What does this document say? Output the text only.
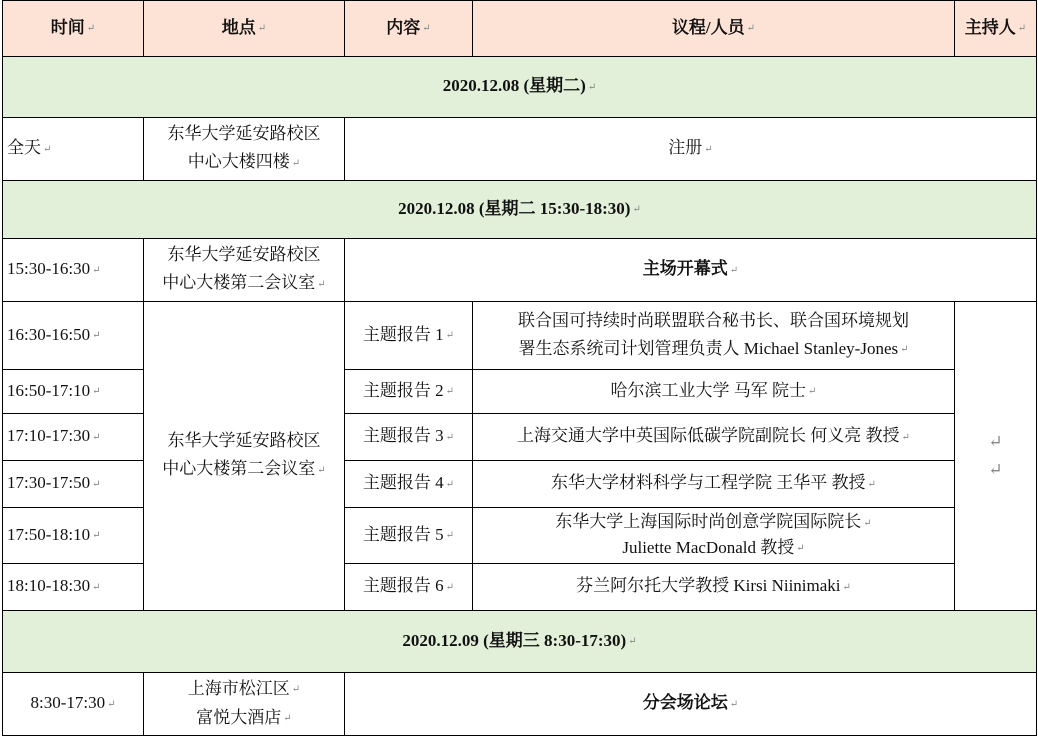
时间 ↵	地点 ↵	内容 ↵	议程/人员 ↵	主持人 ↵
2020.12.08 (星期二) ↵
全天 ↵	东华大学延安路校区
中心大楼四楼 ↵	注册 ↵
2020.12.08 (星期二 15:30-18:30) ↵
15:30-16:30 ↵	东华大学延安路校区
中心大楼第二会议室 ↵	主场开幕式 ↵
16:30-16:50 ↵	东华大学延安路校区
中心大楼第二会议室 ↵	主题报告 1 ↵	联合国可持续时尚联盟联合秘书长、联合国环境规划
署生态系统司计划管理负责人 Michael Stanley-Jones ↵	↵
↵
16:50-17:10 ↵		主题报告 2 ↵	哈尔滨工业大学 马军 院士 ↵
17:10-17:30 ↵		主题报告 3 ↵	上海交通大学中英国际低碳学院副院长 何义亮 教授 ↵
17:30-17:50 ↵		主题报告 4 ↵	东华大学材料科学与工程学院 王华平 教授 ↵
17:50-18:10 ↵		主题报告 5 ↵	东华大学上海国际时尚创意学院国际院长 ↵
Juliette MacDonald 教授 ↵

18:10-18:30 ↵		主题报告 6 ↵	芬兰阿尔托大学教授 Kirsi Niinimaki ↵
2020.12.09 (星期三 8:30-17:30) ↵
8:30-17:30 ↵	上海市松江区 ↵
富悦大酒店 ↵	分会场论坛 ↵
